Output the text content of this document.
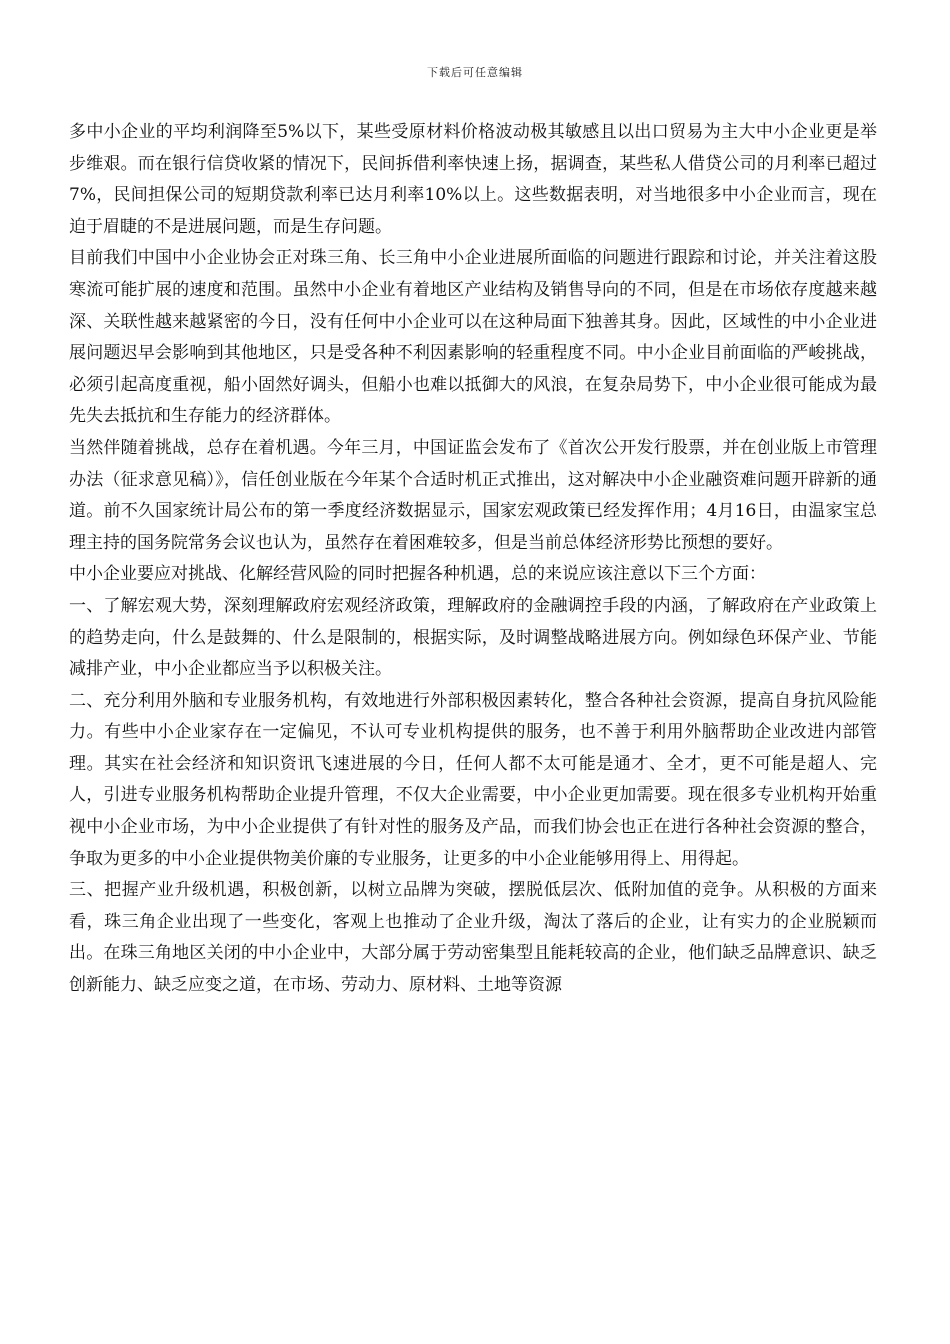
下载后可任意编辑

多中小企业的平均利润降至5%以下，某些受原材料价格波动极其敏感且以出口贸易为主大中小企业更是举步维艰。而在银行信贷收紧的情况下，民间拆借利率快速上扬，据调查，某些私人借贷公司的月利率已超过7%，民间担保公司的短期贷款利率已达月利率10%以上。这些数据表明，对当地很多中小企业而言，现在迫于眉睫的不是进展问题，而是生存问题。

目前我们中国中小企业协会正对珠三角、长三角中小企业进展所面临的问题进行跟踪和讨论，并关注着这股寒流可能扩展的速度和范围。虽然中小企业有着地区产业结构及销售导向的不同，但是在市场依存度越来越深、关联性越来越紧密的今日，没有任何中小企业可以在这种局面下独善其身。因此，区域性的中小企业进展问题迟早会影响到其他地区，只是受各种不利因素影响的轻重程度不同。中小企业目前面临的严峻挑战，必须引起高度重视，船小固然好调头，但船小也难以抵御大的风浪，在复杂局势下，中小企业很可能成为最先失去抵抗和生存能力的经济群体。

当然伴随着挑战，总存在着机遇。今年三月，中国证监会发布了《首次公开发行股票，并在创业版上市管理办法（征求意见稿）》，信任创业版在今年某个合适时机正式推出，这对解决中小企业融资难问题开辟新的通道。前不久国家统计局公布的第一季度经济数据显示，国家宏观政策已经发挥作用；4月16日，由温家宝总理主持的国务院常务会议也认为，虽然存在着困难较多，但是当前总体经济形势比预想的要好。

中小企业要应对挑战、化解经营风险的同时把握各种机遇，总的来说应该注意以下三个方面：

一、了解宏观大势，深刻理解政府宏观经济政策，理解政府的金融调控手段的内涵，了解政府在产业政策上的趋势走向，什么是鼓舞的、什么是限制的，根据实际，及时调整战略进展方向。例如绿色环保产业、节能减排产业，中小企业都应当予以积极关注。

二、充分利用外脑和专业服务机构，有效地进行外部积极因素转化，整合各种社会资源，提高自身抗风险能力。有些中小企业家存在一定偏见，不认可专业机构提供的服务，也不善于利用外脑帮助企业改进内部管理。其实在社会经济和知识资讯飞速进展的今日，任何人都不太可能是通才、全才，更不可能是超人、完人，引进专业服务机构帮助企业提升管理，不仅大企业需要，中小企业更加需要。现在很多专业机构开始重视中小企业市场，为中小企业提供了有针对性的服务及产品，而我们协会也正在进行各种社会资源的整合，争取为更多的中小企业提供物美价廉的专业服务，让更多的中小企业能够用得上、用得起。

三、把握产业升级机遇，积极创新，以树立品牌为突破，摆脱低层次、低附加值的竞争。从积极的方面来看，珠三角企业出现了一些变化，客观上也推动了企业升级，淘汰了落后的企业，让有实力的企业脱颖而出。在珠三角地区关闭的中小企业中，大部分属于劳动密集型且能耗较高的企业，他们缺乏品牌意识、缺乏创新能力、缺乏应变之道，在市场、劳动力、原材料、土地等资源
